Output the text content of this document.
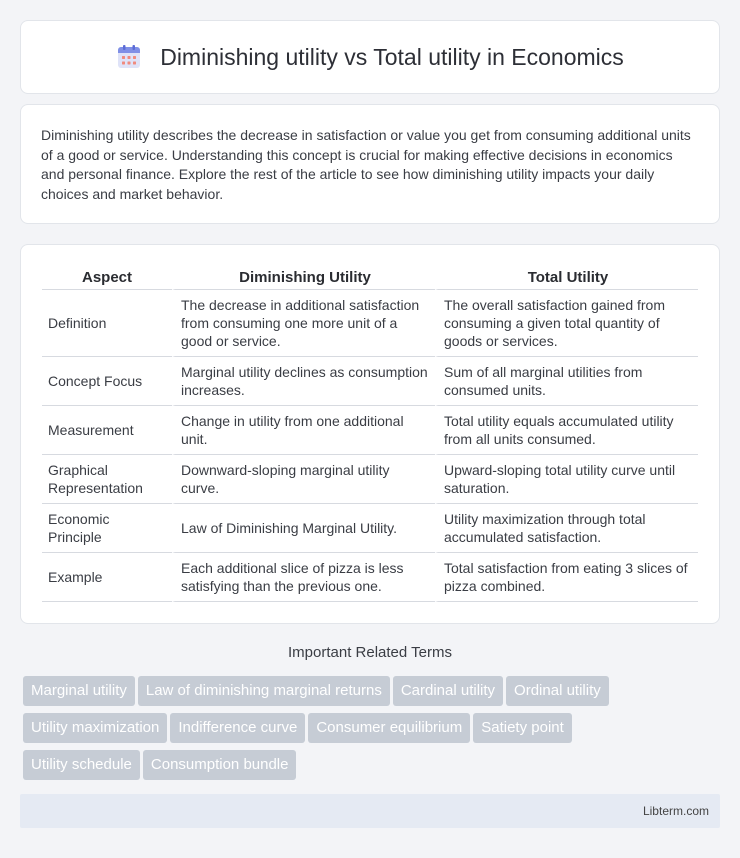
Diminishing utility vs Total utility in Economics

Diminishing utility describes the decrease in satisfaction or value you get from consuming additional units of a good or service. Understanding this concept is crucial for making effective decisions in economics and personal finance. Explore the rest of the article to see how diminishing utility impacts your daily choices and market behavior.

Aspect	Diminishing Utility	Total Utility
Definition	The decrease in additional satisfaction from consuming one more unit of a good or service.	The overall satisfaction gained from consuming a given total quantity of goods or services.
Concept Focus	Marginal utility declines as consumption increases.	Sum of all marginal utilities from consumed units.
Measurement	Change in utility from one additional unit.	Total utility equals accumulated utility from all units consumed.
Graphical Representation	Downward-sloping marginal utility curve.	Upward-sloping total utility curve until saturation.
Economic Principle	Law of Diminishing Marginal Utility.	Utility maximization through total accumulated satisfaction.
Example	Each additional slice of pizza is less satisfying than the previous one.	Total satisfaction from eating 3 slices of pizza combined.
Important Related Terms
Marginal utility Law of diminishing marginal returns Cardinal utility Ordinal utility
Utility maximization Indifference curve Consumer equilibrium Satiety point
Utility schedule Consumption bundle
Libterm.com
